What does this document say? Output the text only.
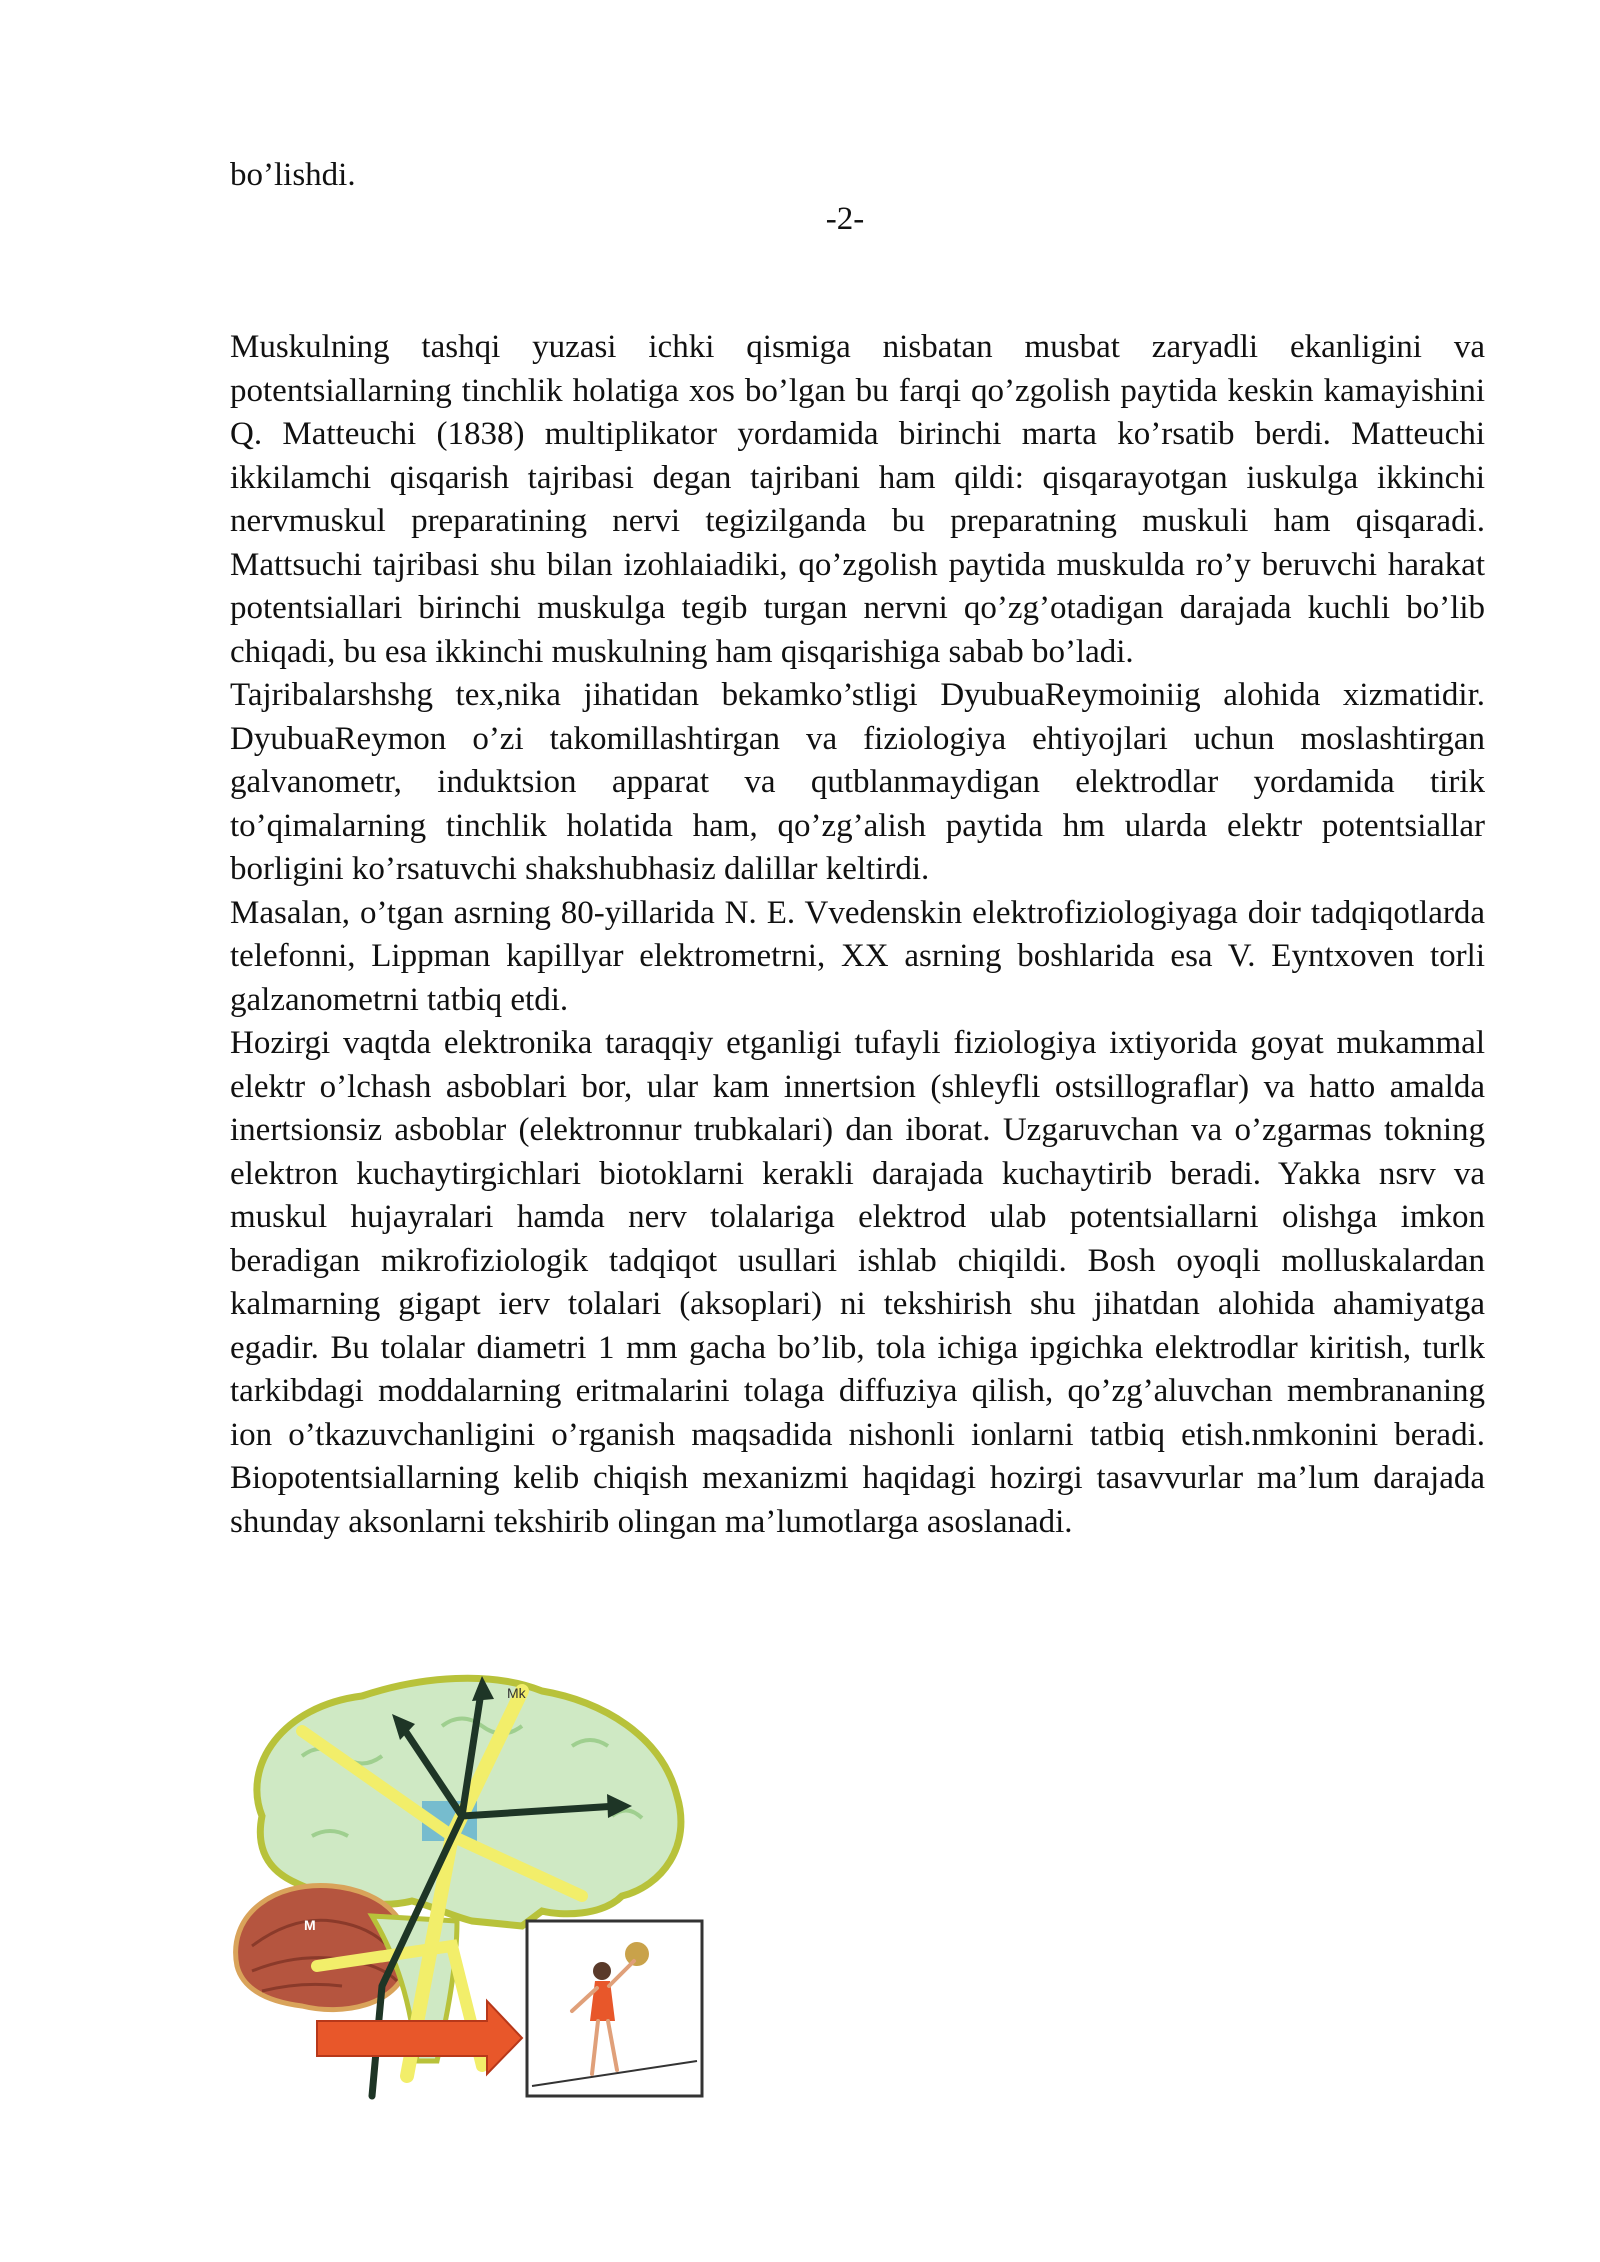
bo’lishdi.
-2-

Muskulning tashqi yuzasi ichki qismiga nisbatan musbat zaryadli ekanligini va potentsiallarning tinchlik holatiga xos bo’lgan bu farqi qo’zgolish paytida keskin kamayishini Q. Matteuchi (1838) multiplikator yordamida birinchi marta ko’rsatib berdi. Matteuchi ikkilamchi qisqarish tajribasi degan tajribani ham qildi: qisqarayotgan iuskulga ikkinchi nervmuskul preparatining nervi tegizilganda bu preparatning muskuli ham qisqaradi. Mattsuchi tajribasi shu bilan izohlaiadiki, qo’zgolish paytida muskulda ro’y beruvchi harakat potentsiallari birinchi muskulga tegib turgan nervni qo’zg’otadigan darajada kuchli bo’lib chiqadi, bu esa ikkinchi muskulning ham qisqarishiga sabab bo’ladi.

Tajribalarshshg tex,nika jihatidan bekamko’stligi DyubuaReymoiniig alohida xizmatidir. DyubuaReymon o’zi takomillashtirgan va fiziologiya ehtiyojlari uchun moslashtirgan galvanometr, induktsion apparat va qutblanmaydigan elektrodlar yordamida tirik to’qimalarning tinchlik holatida ham, qo’zg’alish paytida hm ularda elektr potentsiallar borligini ko’rsatuvchi shakshubhasiz dalillar keltirdi.

Masalan, o’tgan asrning 80-yillarida N. E. Vvedenskin elektrofiziologiyaga doir tadqiqotlarda telefonni, Lippman kapillyar elektrometrni, XX asrning boshlarida esa V. Eyntxoven torli galzanometrni tatbiq etdi.

Hozirgi vaqtda elektronika taraqqiy etganligi tufayli fiziologiya ixtiyorida goyat mukammal elektr o’lchash asboblari bor, ular kam innertsion (shleyfli ostsillograflar) va hatto amalda inertsionsiz asboblar (elektronnur trubkalari) dan iborat. Uzgaruvchan va o’zgarmas tokning elektron kuchaytirgichlari biotoklarni kerakli darajada kuchaytirib beradi. Yakka nsrv va muskul hujayralari hamda nerv tolalariga elektrod ulab potentsiallarni olishga imkon beradigan mikrofiziologik tadqiqot usullari ishlab chiqildi. Bosh oyoqli molluskalardan kalmarning gigapt ierv tolalari (aksoplari) ni tekshirish shu jihatdan alohida ahamiyatga egadir. Bu tolalar diametri 1 mm gacha bo’lib, tola ichiga ipgichka elektrodlar kiritish, turlk tarkibdagi moddalarning eritmalarini tolaga diffuziya qilish, qo’zg’aluvchan membrananing ion o’tkazuvchanligini o’rganish maqsadida nishonli ionlarni tatbiq etish.nmkonini beradi. Biopotentsiallarning kelib chiqish mexanizmi haqidagi hozirgi tasavvurlar ma’lum darajada shunday aksonlarni tekshirib olingan ma’lumotlarga asoslanadi.

Mk
M
